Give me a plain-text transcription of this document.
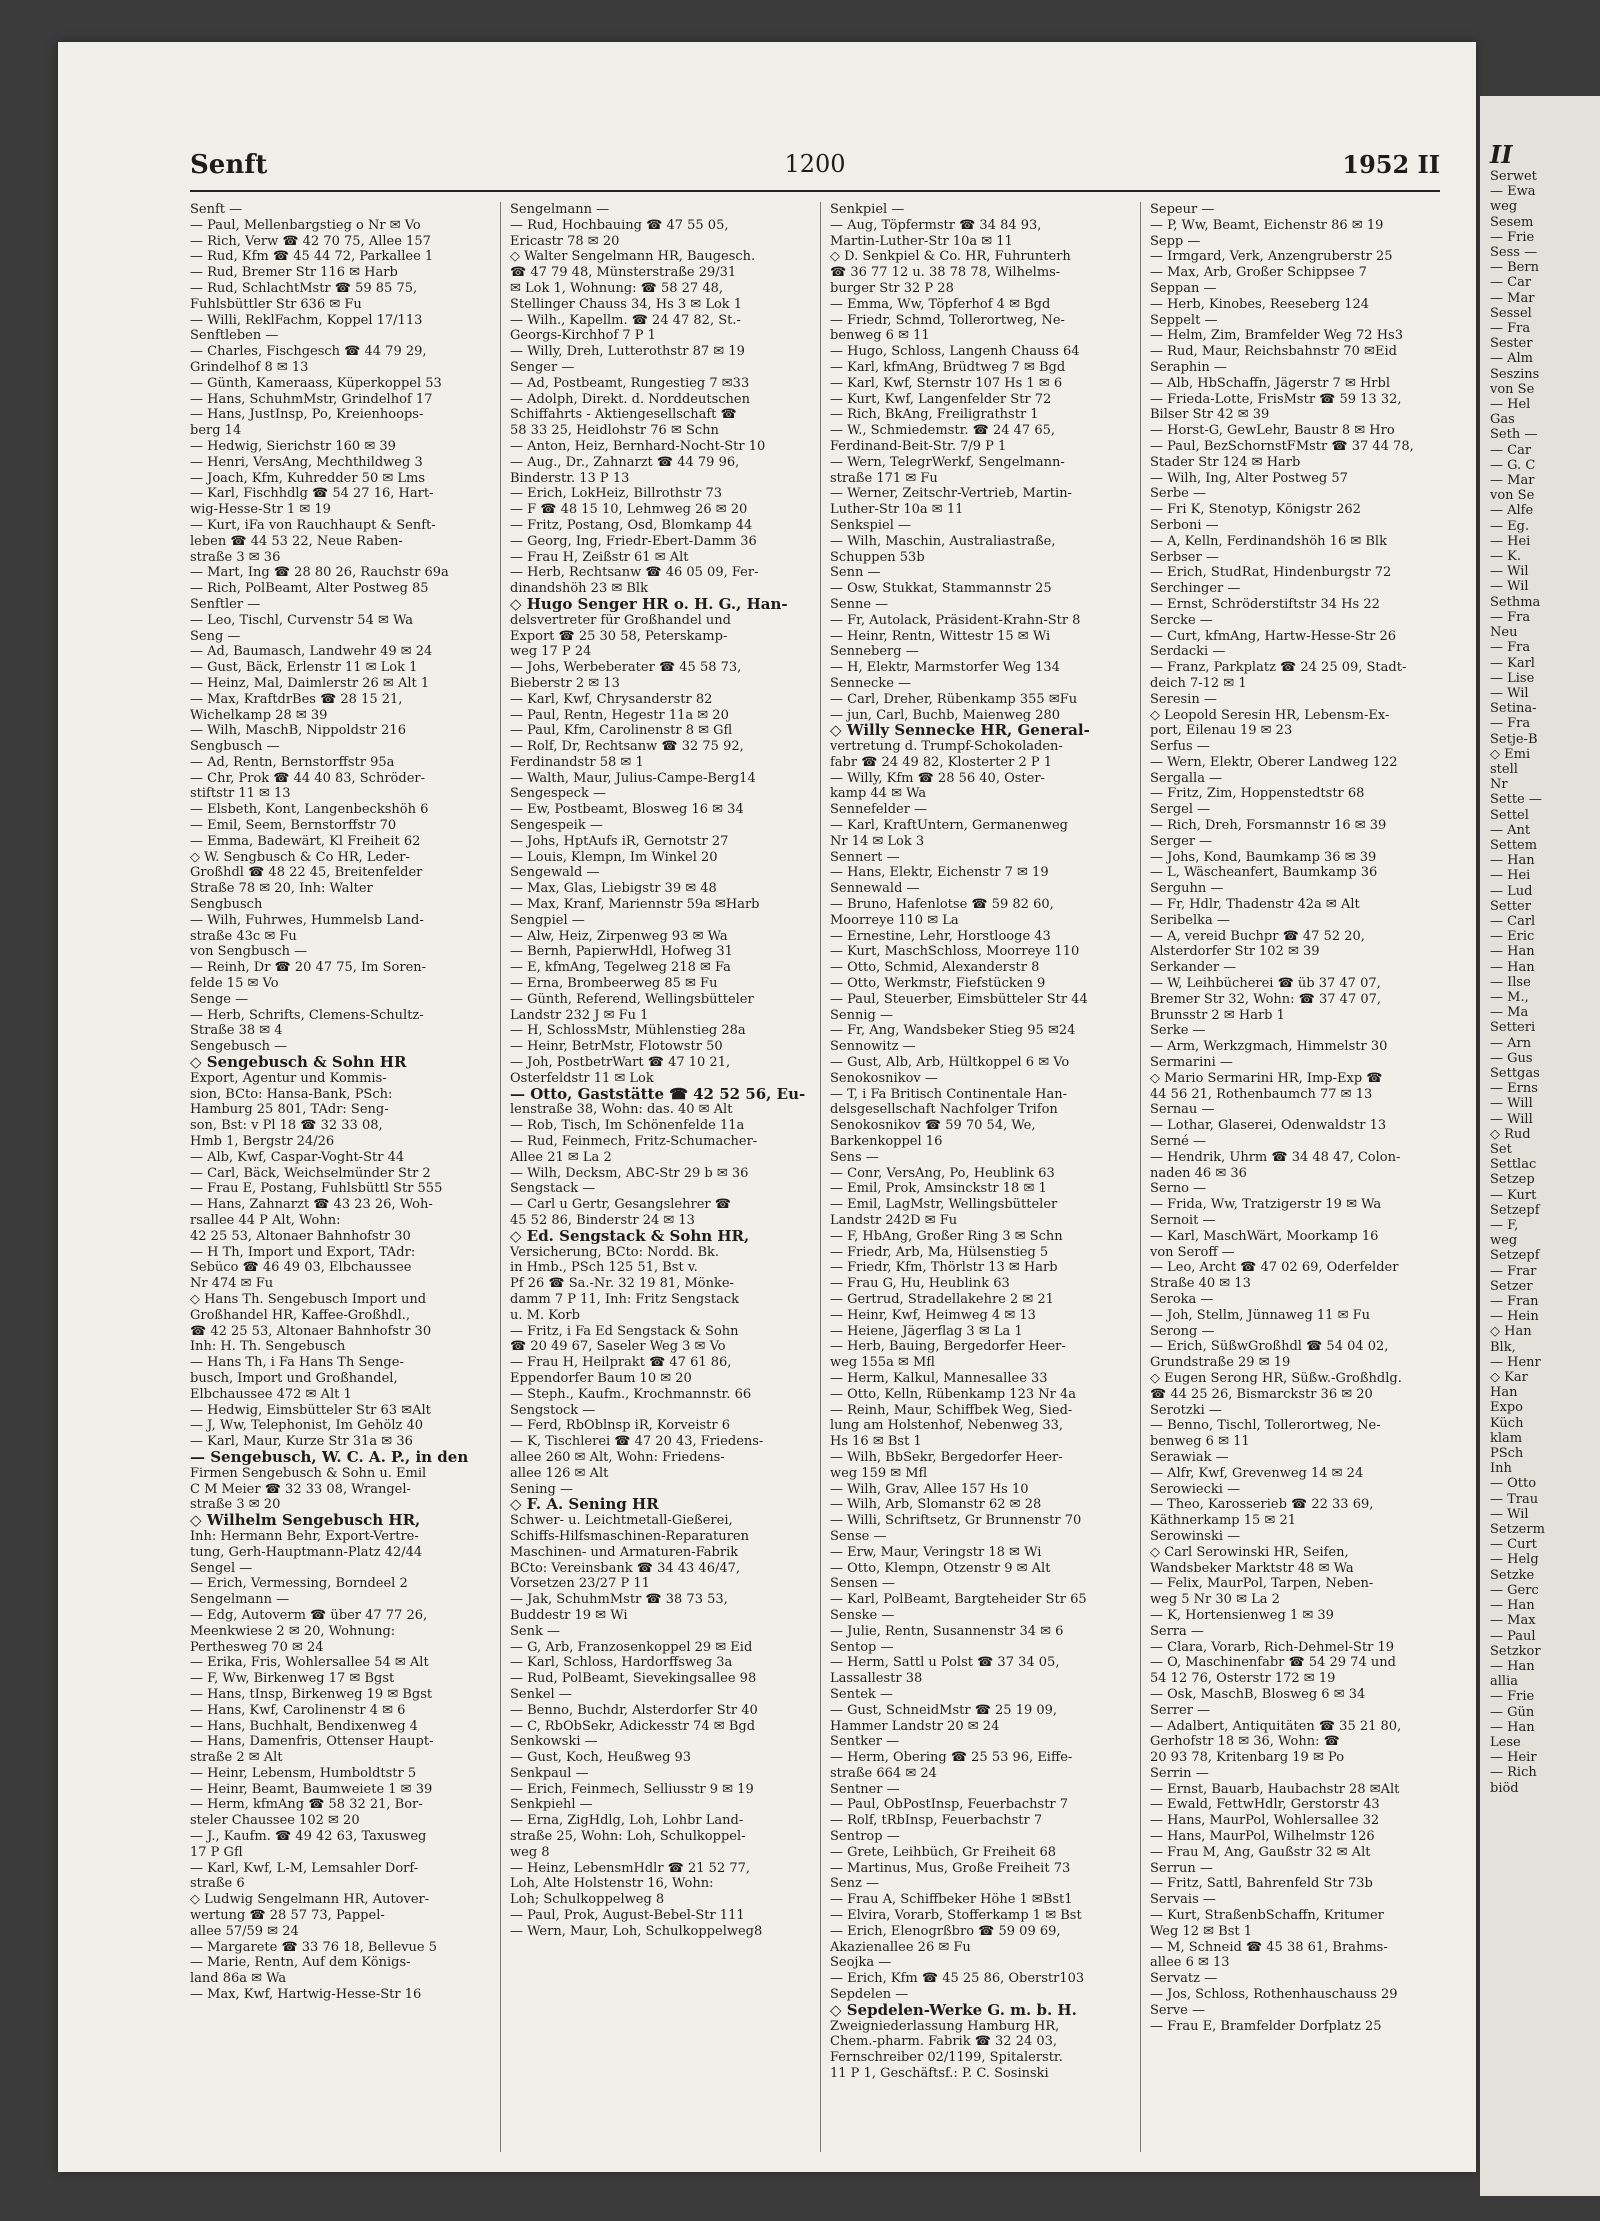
Senft	1200	1952 II
Senft —
— Paul, Mellenbargstieg o Nr ✉ Vo
— Rich, Verw ☎ 42 70 75, Allee 157
— Rud, Kfm ☎ 45 44 72, Parkallee 1
— Rud, Bremer Str 116 ✉ Harb
— Rud, SchlachtMstr ☎ 59 85 75,
Fuhlsbüttler Str 636 ✉ Fu
— Willi, ReklFachm, Koppel 17/113
Senftleben —
— Charles, Fischgesch ☎ 44 79 29,
Grindelhof 8 ✉ 13
— Günth, Kameraass, Küperkoppel 53
— Hans, SchuhmMstr, Grindelhof 17
— Hans, JustInsp, Po, Kreienhoops-
berg 14
— Hedwig, Sierichstr 160 ✉ 39
— Henri, VersAng, Mechthildweg 3
— Joach, Kfm, Kuhredder 50 ✉ Lms
— Karl, Fischhdlg ☎ 54 27 16, Hart-
wig-Hesse-Str 1 ✉ 19
— Kurt, iFa von Rauchhaupt & Senft-
leben ☎ 44 53 22, Neue Raben-
straße 3 ✉ 36
— Mart, Ing ☎ 28 80 26, Rauchstr 69a
— Rich, PolBeamt, Alter Postweg 85
Senftler —
— Leo, Tischl, Curvenstr 54 ✉ Wa
Seng —
— Ad, Baumasch, Landwehr 49 ✉ 24
— Gust, Bäck, Erlenstr 11 ✉ Lok 1
— Heinz, Mal, Daimlerstr 26 ✉ Alt 1
— Max, KraftdrBes ☎ 28 15 21,
Wichelkamp 28 ✉ 39
— Wilh, MaschB, Nippoldstr 216
Sengbusch —
— Ad, Rentn, Bernstorffstr 95a
— Chr, Prok ☎ 44 40 83, Schröder-
stiftstr 11 ✉ 13
— Elsbeth, Kont, Langenbeckshöh 6
— Emil, Seem, Bernstorffstr 70
— Emma, Badewärt, Kl Freiheit 62
◇ W. Sengbusch & Co HR, Leder-
Großhdl ☎ 48 22 45, Breitenfelder
Straße 78 ✉ 20, Inh: Walter
Sengbusch
— Wilh, Fuhrwes, Hummelsb Land-
straße 43c ✉ Fu
von Sengbusch —
— Reinh, Dr ☎ 20 47 75, Im Soren-
felde 15 ✉ Vo
Senge —
— Herb, Schrifts, Clemens-Schultz-
Straße 38 ✉ 4
Sengebusch —
◇ Sengebusch & Sohn HR
Export, Agentur und Kommis-
sion, BCto: Hansa-Bank, PSch:
Hamburg 25 801, TAdr: Seng-
son, Bst: v Pl 18 ☎ 32 33 08,
Hmb 1, Bergstr 24/26
— Alb, Kwf, Caspar-Voght-Str 44
— Carl, Bäck, Weichselmünder Str 2
— Frau E, Postang, Fuhlsbüttl Str 555
— Hans, Zahnarzt ☎ 43 23 26, Woh-
rsallee 44 P Alt, Wohn:
42 25 53, Altonaer Bahnhofstr 30
— H Th, Import und Export, TAdr:
Sebüco ☎ 46 49 03, Elbchaussee
Nr 474 ✉ Fu
◇ Hans Th. Sengebusch Import und
Großhandel HR, Kaffee-Großhdl.,
☎ 42 25 53, Altonaer Bahnhofstr 30
Inh: H. Th. Sengebusch
— Hans Th, i Fa Hans Th Senge-
busch, Import und Großhandel,
Elbchaussee 472 ✉ Alt 1
— Hedwig, Eimsbütteler Str 63 ✉Alt
— J, Ww, Telephonist, Im Gehölz 40
— Karl, Maur, Kurze Str 31a ✉ 36
— Sengebusch, W. C. A. P., in den
Firmen Sengebusch & Sohn u. Emil
C M Meier ☎ 32 33 08, Wrangel-
straße 3 ✉ 20
◇ Wilhelm Sengebusch HR,
Inh: Hermann Behr, Export-Vertre-
tung, Gerh-Hauptmann-Platz 42/44
Sengel —
— Erich, Vermessing, Borndeel 2
Sengelmann —
— Edg, Autoverm ☎ über 47 77 26,
Meenkwiese 2 ✉ 20, Wohnung:
Perthesweg 70 ✉ 24
— Erika, Fris, Wohlersallee 54 ✉ Alt
— F, Ww, Birkenweg 17 ✉ Bgst
— Hans, tInsp, Birkenweg 19 ✉ Bgst
— Hans, Kwf, Carolinenstr 4 ✉ 6
— Hans, Buchhalt, Bendixenweg 4
— Hans, Damenfris, Ottenser Haupt-
straße 2 ✉ Alt
— Heinr, Lebensm, Humboldtstr 5
— Heinr, Beamt, Baumweiete 1 ✉ 39
— Herm, kfmAng ☎ 58 32 21, Bor-
steler Chaussee 102 ✉ 20
— J., Kaufm. ☎ 49 42 63, Taxusweg
17 P Gfl
— Karl, Kwf, L-M, Lemsahler Dorf-
straße 6
◇ Ludwig Sengelmann HR, Autover-
wertung ☎ 28 57 73, Pappel-
allee 57/59 ✉ 24
— Margarete ☎ 33 76 18, Bellevue 5
— Marie, Rentn, Auf dem Königs-
land 86a ✉ Wa
— Max, Kwf, Hartwig-Hesse-Str 16
Sengelmann —
— Rud, Hochbauing ☎ 47 55 05,
Ericastr 78 ✉ 20
◇ Walter Sengelmann HR, Baugesch.
☎ 47 79 48, Münsterstraße 29/31
✉ Lok 1, Wohnung: ☎ 58 27 48,
Stellinger Chauss 34, Hs 3 ✉ Lok 1
— Wilh., Kapellm. ☎ 24 47 82, St.-
Georgs-Kirchhof 7 P 1
— Willy, Dreh, Lutterothstr 87 ✉ 19
Senger —
— Ad, Postbeamt, Rungestieg 7 ✉33
— Adolph, Direkt. d. Norddeutschen
Schiffahrts - Aktiengesellschaft ☎
58 33 25, Heidlohstr 76 ✉ Schn
— Anton, Heiz, Bernhard-Nocht-Str 10
— Aug., Dr., Zahnarzt ☎ 44 79 96,
Binderstr. 13 P 13
— Erich, LokHeiz, Billrothstr 73
— F ☎ 48 15 10, Lehmweg 26 ✉ 20
— Fritz, Postang, Osd, Blomkamp 44
— Georg, Ing, Friedr-Ebert-Damm 36
— Frau H, Zeißstr 61 ✉ Alt
— Herb, Rechtsanw ☎ 46 05 09, Fer-
dinandshöh 23 ✉ Blk
◇ Hugo Senger HR o. H. G., Han-
delsvertreter für Großhandel und
Export ☎ 25 30 58, Peterskamp-
weg 17 P 24
— Johs, Werbeberater ☎ 45 58 73,
Bieberstr 2 ✉ 13
— Karl, Kwf, Chrysanderstr 82
— Paul, Rentn, Hegestr 11a ✉ 20
— Paul, Kfm, Carolinenstr 8 ✉ Gfl
— Rolf, Dr, Rechtsanw ☎ 32 75 92,
Ferdinandstr 58 ✉ 1
— Walth, Maur, Julius-Campe-Berg14
Sengespeck —
— Ew, Postbeamt, Blosweg 16 ✉ 34
Sengespeik —
— Johs, HptAufs iR, Gernotstr 27
— Louis, Klempn, Im Winkel 20
Sengewald —
— Max, Glas, Liebigstr 39 ✉ 48
— Max, Kranf, Mariennstr 59a ✉Harb
Sengpiel —
— Alw, Heiz, Zirpenweg 93 ✉ Wa
— Bernh, PapierwHdl, Hofweg 31
— E, kfmAng, Tegelweg 218 ✉ Fa
— Erna, Brombeerweg 85 ✉ Fu
— Günth, Referend, Wellingsbütteler
Landstr 232 J ✉ Fu 1
— H, SchlossMstr, Mühlenstieg 28a
— Heinr, BetrMstr, Flotowstr 50
— Joh, PostbetrWart ☎ 47 10 21,
Osterfeldstr 11 ✉ Lok
— Otto, Gaststätte ☎ 42 52 56, Eu-
lenstraße 38, Wohn: das. 40 ✉ Alt
— Rob, Tisch, Im Schönenfelde 11a
— Rud, Feinmech, Fritz-Schumacher-
Allee 21 ✉ La 2
— Wilh, Decksm, ABC-Str 29 b ✉ 36
Sengstack —
— Carl u Gertr, Gesangslehrer ☎
45 52 86, Binderstr 24 ✉ 13
◇ Ed. Sengstack & Sohn HR,
Versicherung, BCto: Nordd. Bk.
in Hmb., PSch 125 51, Bst v.
Pf 26 ☎ Sa.-Nr. 32 19 81, Mönke-
damm 7 P 11, Inh: Fritz Sengstack
u. M. Korb
— Fritz, i Fa Ed Sengstack & Sohn
☎ 20 49 67, Saseler Weg 3 ✉ Vo
— Frau H, Heilprakt ☎ 47 61 86,
Eppendorfer Baum 10 ✉ 20
— Steph., Kaufm., Krochmannstr. 66
Sengstock —
— Ferd, RbOblnsp iR, Korveistr 6
— K, Tischlerei ☎ 47 20 43, Friedens-
allee 260 ✉ Alt, Wohn: Friedens-
allee 126 ✉ Alt
Sening —
◇ F. A. Sening HR
Schwer- u. Leichtmetall-Gießerei,
Schiffs-Hilfsmaschinen-Reparaturen
Maschinen- und Armaturen-Fabrik
BCto: Vereinsbank ☎ 34 43 46/47,
Vorsetzen 23/27 P 11
— Jak, SchuhmMstr ☎ 38 73 53,
Buddestr 19 ✉ Wi
Senk —
— G, Arb, Franzosenkoppel 29 ✉ Eid
— Karl, Schloss, Hardorffsweg 3a
— Rud, PolBeamt, Sievekingsallee 98
Senkel —
— Benno, Buchdr, Alsterdorfer Str 40
— C, RbObSekr, Adickesstr 74 ✉ Bgd
Senkowski —
— Gust, Koch, Heußweg 93
Senkpaul —
— Erich, Feinmech, Selliusstr 9 ✉ 19
Senkpiehl —
— Erna, ZigHdlg, Loh, Lohbr Land-
straße 25, Wohn: Loh, Schulkoppel-
weg 8
— Heinz, LebensmHdlr ☎ 21 52 77,
Loh, Alte Holstenstr 16, Wohn:
Loh; Schulkoppelweg 8
— Paul, Prok, August-Bebel-Str 111
— Wern, Maur, Loh, Schulkoppelweg8
Senkpiel —
— Aug, Töpfermstr ☎ 34 84 93,
Martin-Luther-Str 10a ✉ 11
◇ D. Senkpiel & Co. HR, Fuhrunterh
☎ 36 77 12 u. 38 78 78, Wilhelms-
burger Str 32 P 28
— Emma, Ww, Töpferhof 4 ✉ Bgd
— Friedr, Schmd, Tollerortweg, Ne-
benweg 6 ✉ 11
— Hugo, Schloss, Langenh Chauss 64
— Karl, kfmAng, Brüdtweg 7 ✉ Bgd
— Karl, Kwf, Sternstr 107 Hs 1 ✉ 6
— Kurt, Kwf, Langenfelder Str 72
— Rich, BkAng, Freiligrathstr 1
— W., Schmiedemstr. ☎ 24 47 65,
Ferdinand-Beit-Str. 7/9 P 1
— Wern, TelegrWerkf, Sengelmann-
straße 171 ✉ Fu
— Werner, Zeitschr-Vertrieb, Martin-
Luther-Str 10a ✉ 11
Senkspiel —
— Wilh, Maschin, Australiastraße,
Schuppen 53b
Senn —
— Osw, Stukkat, Stammannstr 25
Senne —
— Fr, Autolack, Präsident-Krahn-Str 8
— Heinr, Rentn, Wittestr 15 ✉ Wi
Senneberg —
— H, Elektr, Marmstorfer Weg 134
Sennecke —
— Carl, Dreher, Rübenkamp 355 ✉Fu
— jun, Carl, Buchb, Maienweg 280
◇ Willy Sennecke HR, General-
vertretung d. Trumpf-Schokoladen-
fabr ☎ 24 49 82, Klosterter 2 P 1
— Willy, Kfm ☎ 28 56 40, Oster-
kamp 44 ✉ Wa
Sennefelder —
— Karl, KraftUntern, Germanenweg
Nr 14 ✉ Lok 3
Sennert —
— Hans, Elektr, Eichenstr 7 ✉ 19
Sennewald —
— Bruno, Hafenlotse ☎ 59 82 60,
Moorreye 110 ✉ La
— Ernestine, Lehr, Horstlooge 43
— Kurt, MaschSchloss, Moorreye 110
— Otto, Schmid, Alexanderstr 8
— Otto, Werkmstr, Fiefstücken 9
— Paul, Steuerber, Eimsbütteler Str 44
Sennig —
— Fr, Ang, Wandsbeker Stieg 95 ✉24
Sennowitz —
— Gust, Alb, Arb, Hültkoppel 6 ✉ Vo
Senokosnikov —
— T, i Fa Britisch Continentale Han-
delsgesellschaft Nachfolger Trifon
Senokosnikov ☎ 59 70 54, We,
Barkenkoppel 16
Sens —
— Conr, VersAng, Po, Heublink 63
— Emil, Prok, Amsinckstr 18 ✉ 1
— Emil, LagMstr, Wellingsbütteler
Landstr 242D ✉ Fu
— F, HbAng, Großer Ring 3 ✉ Schn
— Friedr, Arb, Ma, Hülsenstieg 5
— Friedr, Kfm, Thörlstr 13 ✉ Harb
— Frau G, Hu, Heublink 63
— Gertrud, Stradellakehre 2 ✉ 21
— Heinr, Kwf, Heimweg 4 ✉ 13
— Heiene, Jägerflag 3 ✉ La 1
— Herb, Bauing, Bergedorfer Heer-
weg 155a ✉ Mfl
— Herm, Kalkul, Mannesallee 33
— Otto, Kelln, Rübenkamp 123 Nr 4a
— Reinh, Maur, Schiffbek Weg, Sied-
lung am Holstenhof, Nebenweg 33,
Hs 16 ✉ Bst 1
— Wilh, BbSekr, Bergedorfer Heer-
weg 159 ✉ Mfl
— Wilh, Grav, Allee 157 Hs 10
— Wilh, Arb, Slomanstr 62 ✉ 28
— Willi, Schriftsetz, Gr Brunnenstr 70
Sense —
— Erw, Maur, Veringstr 18 ✉ Wi
— Otto, Klempn, Otzenstr 9 ✉ Alt
Sensen —
— Karl, PolBeamt, Bargteheider Str 65
Senske —
— Julie, Rentn, Susannenstr 34 ✉ 6
Sentop —
— Herm, Sattl u Polst ☎ 37 34 05,
Lassallestr 38
Sentek —
— Gust, SchneidMstr ☎ 25 19 09,
Hammer Landstr 20 ✉ 24
Sentker —
— Herm, Obering ☎ 25 53 96, Eiffe-
straße 664 ✉ 24
Sentner —
— Paul, ObPostInsp, Feuerbachstr 7
— Rolf, tRbInsp, Feuerbachstr 7
Sentrop —
— Grete, Leihbüch, Gr Freiheit 68
— Martinus, Mus, Große Freiheit 73
Senz —
— Frau A, Schiffbeker Höhe 1 ✉Bst1
— Elvira, Vorarb, Stofferkamp 1 ✉ Bst
— Erich, Elenogrßbro ☎ 59 09 69,
Akazienallee 26 ✉ Fu
Seojka —
— Erich, Kfm ☎ 45 25 86, Oberstr103
Sepdelen —
◇ Sepdelen-Werke G. m. b. H.
Zweigniederlassung Hamburg HR,
Chem.-pharm. Fabrik ☎ 32 24 03,
Fernschreiber 02/1199, Spitalerstr.
11 P 1, Geschäftsf.: P. C. Sosinski
Sepeur —
— P, Ww, Beamt, Eichenstr 86 ✉ 19
Sepp —
— Irmgard, Verk, Anzengruberstr 25
— Max, Arb, Großer Schippsee 7
Seppan —
— Herb, Kinobes, Reeseberg 124
Seppelt —
— Helm, Zim, Bramfelder Weg 72 Hs3
— Rud, Maur, Reichsbahnstr 70 ✉Eid
Seraphin —
— Alb, HbSchaffn, Jägerstr 7 ✉ Hrbl
— Frieda-Lotte, FrisMstr ☎ 59 13 32,
Bilser Str 42 ✉ 39
— Horst-G, GewLehr, Baustr 8 ✉ Hro
— Paul, BezSchornstFMstr ☎ 37 44 78,
Stader Str 124 ✉ Harb
— Wilh, Ing, Alter Postweg 57
Serbe —
— Fri K, Stenotyp, Königstr 262
Serboni —
— A, Kelln, Ferdinandshöh 16 ✉ Blk
Serbser —
— Erich, StudRat, Hindenburgstr 72
Serchinger —
— Ernst, Schröderstiftstr 34 Hs 22
Sercke —
— Curt, kfmAng, Hartw-Hesse-Str 26
Serdacki —
— Franz, Parkplatz ☎ 24 25 09, Stadt-
deich 7-12 ✉ 1
Seresin —
◇ Leopold Seresin HR, Lebensm-Ex-
port, Eilenau 19 ✉ 23
Serfus —
— Wern, Elektr, Oberer Landweg 122
Sergalla —
— Fritz, Zim, Hoppenstedtstr 68
Sergel —
— Rich, Dreh, Forsmannstr 16 ✉ 39
Serger —
— Johs, Kond, Baumkamp 36 ✉ 39
— L, Wäscheanfert, Baumkamp 36
Serguhn —
— Fr, Hdlr, Thadenstr 42a ✉ Alt
Seribelka —
— A, vereid Buchpr ☎ 47 52 20,
Alsterdorfer Str 102 ✉ 39
Serkander —
— W, Leihbücherei ☎ üb 37 47 07,
Bremer Str 32, Wohn: ☎ 37 47 07,
Brunsstr 2 ✉ Harb 1
Serke —
— Arm, Werkzgmach, Himmelstr 30
Sermarini —
◇ Mario Sermarini HR, Imp-Exp ☎
44 56 21, Rothenbaumch 77 ✉ 13
Sernau —
— Lothar, Glaserei, Odenwaldstr 13
Serné —
— Hendrik, Uhrm ☎ 34 48 47, Colon-
naden 46 ✉ 36
Serno —
— Frida, Ww, Tratzigerstr 19 ✉ Wa
Sernoit —
— Karl, MaschWärt, Moorkamp 16
von Seroff —
— Leo, Archt ☎ 47 02 69, Oderfelder
Straße 40 ✉ 13
Seroka —
— Joh, Stellm, Jünnaweg 11 ✉ Fu
Serong —
— Erich, SüßwGroßhdl ☎ 54 04 02,
Grundstraße 29 ✉ 19
◇ Eugen Serong HR, Süßw.-Großhdlg.
☎ 44 25 26, Bismarckstr 36 ✉ 20
Serotzki —
— Benno, Tischl, Tollerortweg, Ne-
benweg 6 ✉ 11
Serawiak —
— Alfr, Kwf, Grevenweg 14 ✉ 24
Serowiecki —
— Theo, Karosserieb ☎ 22 33 69,
Käthnerkamp 15 ✉ 21
Serowinski —
◇ Carl Serowinski HR, Seifen,
Wandsbeker Marktstr 48 ✉ Wa
— Felix, MaurPol, Tarpen, Neben-
weg 5 Nr 30 ✉ La 2
— K, Hortensienweg 1 ✉ 39
Serra —
— Clara, Vorarb, Rich-Dehmel-Str 19
— O, Maschinenfabr ☎ 54 29 74 und
54 12 76, Osterstr 172 ✉ 19
— Osk, MaschB, Blosweg 6 ✉ 34
Serrer —
— Adalbert, Antiquitäten ☎ 35 21 80,
Gerhofstr 18 ✉ 36, Wohn: ☎
20 93 78, Kritenbarg 19 ✉ Po
Serrin —
— Ernst, Bauarb, Haubachstr 28 ✉Alt
— Ewald, FettwHdlr, Gerstorstr 43
— Hans, MaurPol, Wohlersallee 32
— Hans, MaurPol, Wilhelmstr 126
— Frau M, Ang, Gaußstr 32 ✉ Alt
Serrun —
— Fritz, Sattl, Bahrenfeld Str 73b
Servais —
— Kurt, StraßenbSchaffn, Kritumer
Weg 12 ✉ Bst 1
— M, Schneid ☎ 45 38 61, Brahms-
allee 6 ✉ 13
Servatz —
— Jos, Schloss, Rothenhauschauss 29
Serve —
— Frau E, Bramfelder Dorfplatz 25
II
Serwet
— Ewa
weg
Sesem
— Frie
Sess —
— Bern
— Car
— Mar
Sessel
— Fra
Sester
— Alm
Seszins
von Se
— Hel
Gas
Seth —
— Car
— G. C
— Mar
von Se
— Alfe
— Eg.
— Hei
— K.
— Wil
— Wil
Sethma
— Fra
Neu
— Fra
— Karl
— Lise
— Wil
Setina-
— Fra
Setje-B
◇ Emi
stell
Nr
Sette —
Settel
— Ant
Settem
— Han
— Hei
— Lud
Setter
— Carl
— Eric
— Han
— Han
— Ilse
— M.,
— Ma
Setteri
— Arn
— Gus
Settgas
— Erns
— Will
— Will
◇ Rud
Set
Settlac
Setzep
— Kurt
Setzepf
— F,
weg
Setzepf
— Frar
Setzer
— Fran
— Hein
◇ Han
Blk,
— Henr
◇ Kar
Han
Expo
Küch
klam
PSch
Inh
— Otto
— Trau
— Wil
Setzerm
— Curt
— Helg
Setzke
— Gerc
— Han
— Max
— Paul
Setzkor
— Han
allia
— Frie
— Gün
— Han
Lese
— Heir
— Rich
biöd
